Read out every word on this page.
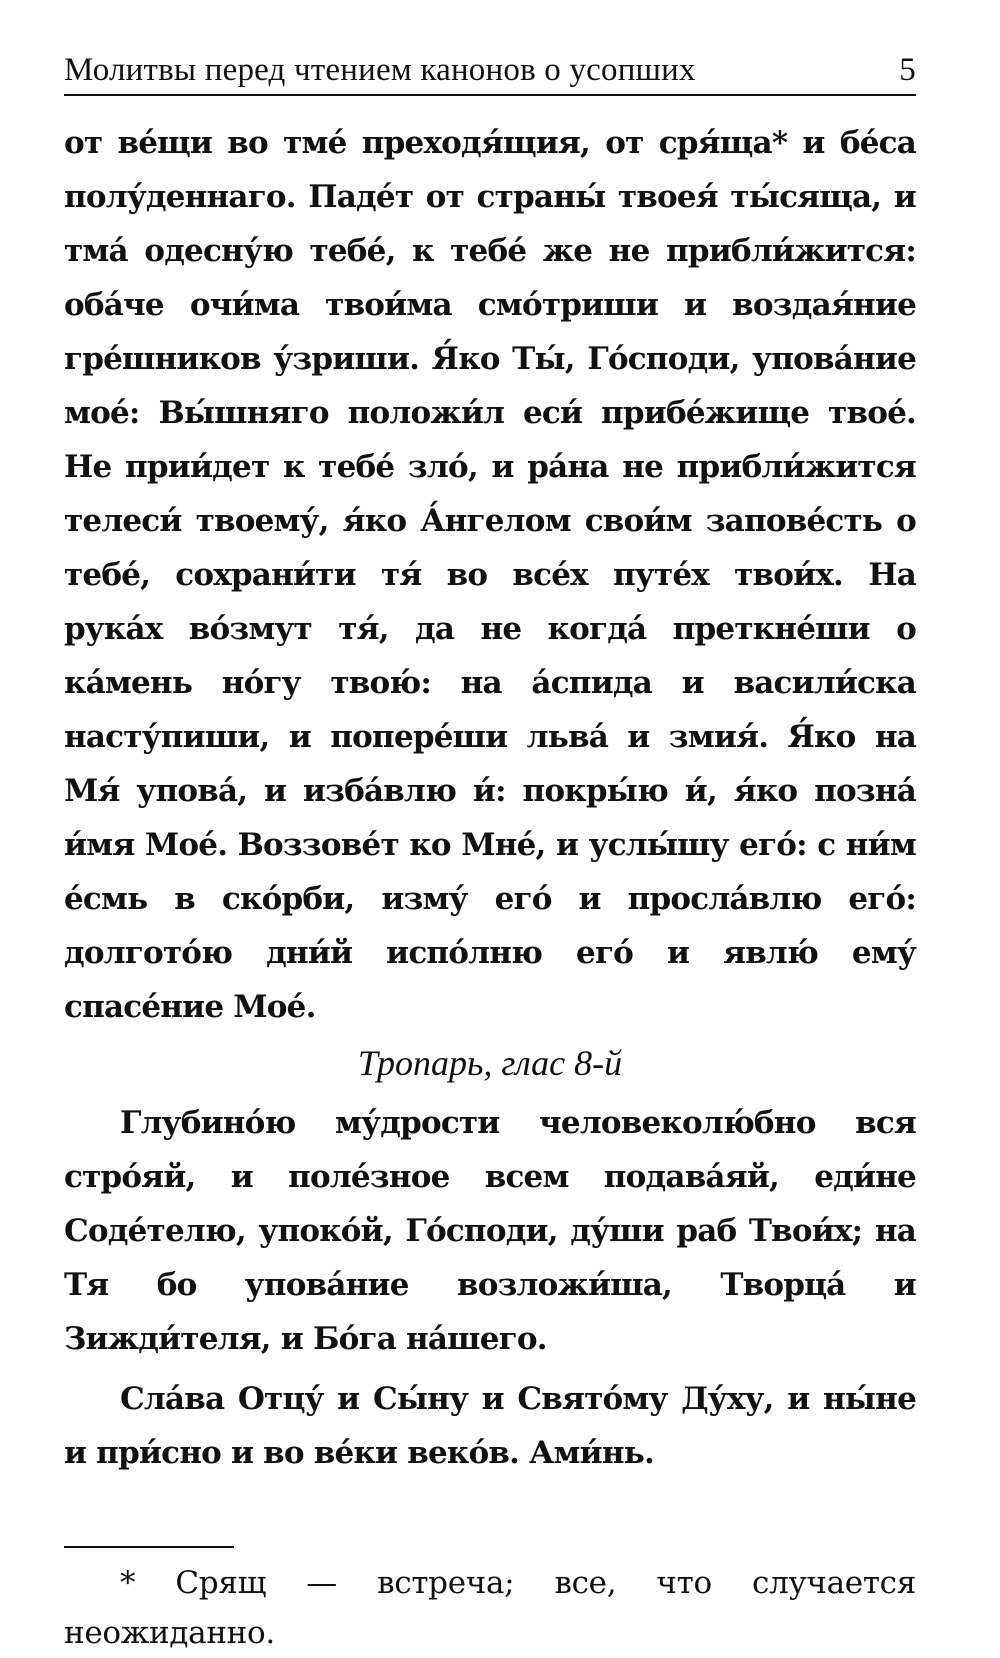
Молитвы перед чтением канонов о усопших	5

от ве́щи во тме́ преходя́щия, от сря́ща* и бе́са полу́деннаго. Паде́т от страны́ твоея́ ты́сяща, и тма́ одесну́ю тебе́, к тебе́ же не прибли́жится: оба́че очи́ма твои́ма смо́триши и воздая́ние гре́шников у́зриши. Я́ко Ты́, Го́споди, упова́ние мое́: Вы́шняго положи́л еси́ прибе́жище твое́. Не прии́дет к тебе́ зло́, и ра́на не прибли́жится телеси́ твоему́, я́ко А́нгелом свои́м запове́сть о тебе́, сохрани́ти тя́ во все́х путе́х твои́х. На рука́х во́змут тя́, да не когда́ преткне́ши о ка́мень но́гу твою́: на а́спида и васили́ска насту́пиши, и попере́ши льва́ и змия́. Я́ко на Мя́ упова́, и изба́влю и́: покры́ю и́, я́ко позна́ и́мя Мое́. Воззове́т ко Мне́, и услы́шу его́: с ни́м е́смь в ско́рби, изму́ его́ и просла́влю его́: долгото́ю дни́й испо́лню его́ и явлю́ ему́ спасе́ние Мое́.

Тропарь, глас 8-й

Глубино́ю му́дрости человеколю́бно вся стро́яй, и поле́зное всем подава́яй, еди́не Соде́телю, упоко́й, Го́споди, ду́ши раб Твои́х; на Тя бо упова́ние возложи́ша, Творца́ и Зижди́теля, и Бо́га на́шего.

Сла́ва Отцу́ и Сы́ну и Свято́му Ду́ху, и ны́не и при́сно и во ве́ки веко́в. Ами́нь.

* Срящ — встреча; все, что случается неожиданно.
